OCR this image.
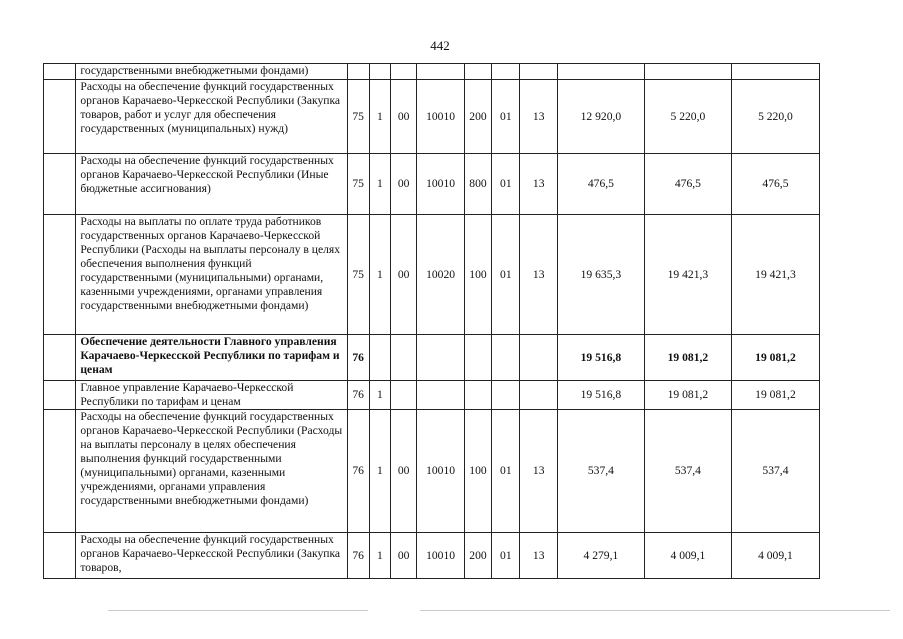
442
	государственными внебюджетными фондами)										
	Расходы на обеспечение функций государственных органов Карачаево-Черкесской Республики (Закупка товаров, работ и услуг для обеспечения государственных (муниципальных) нужд)	75	1	00	10010	200	01	13	12 920,0	5 220,0	5 220,0
	Расходы на обеспечение функций государственных органов Карачаево-Черкесской Республики (Иные бюджетные ассигнования)	75	1	00	10010	800	01	13	476,5	476,5	476,5
	Расходы на выплаты по оплате труда работников государственных органов Карачаево-Черкесской Республики (Расходы на выплаты персоналу в целях обеспечения выполнения функций государственными (муниципальными) органами, казенными учреждениями, органами управления государственными внебюджетными фондами)	75	1	00	10020	100	01	13	19 635,3	19 421,3	19 421,3
	Обеспечение деятельности Главного управления Карачаево-Черкесской Республики по тарифам и ценам	76							19 516,8	19 081,2	19 081,2
	Главное управление Карачаево-Черкесской Республики по тарифам и ценам	76	1						19 516,8	19 081,2	19 081,2
	Расходы на обеспечение функций государственных органов Карачаево-Черкесской Республики (Расходы на выплаты персоналу в целях обеспечения выполнения функций государственными (муниципальными) органами, казенными учреждениями, органами управления государственными внебюджетными фондами)	76	1	00	10010	100	01	13	537,4	537,4	537,4
	Расходы на обеспечение функций государственных органов Карачаево-Черкесской Республики (Закупка товаров,	76	1	00	10010	200	01	13	4 279,1	4 009,1	4 009,1
